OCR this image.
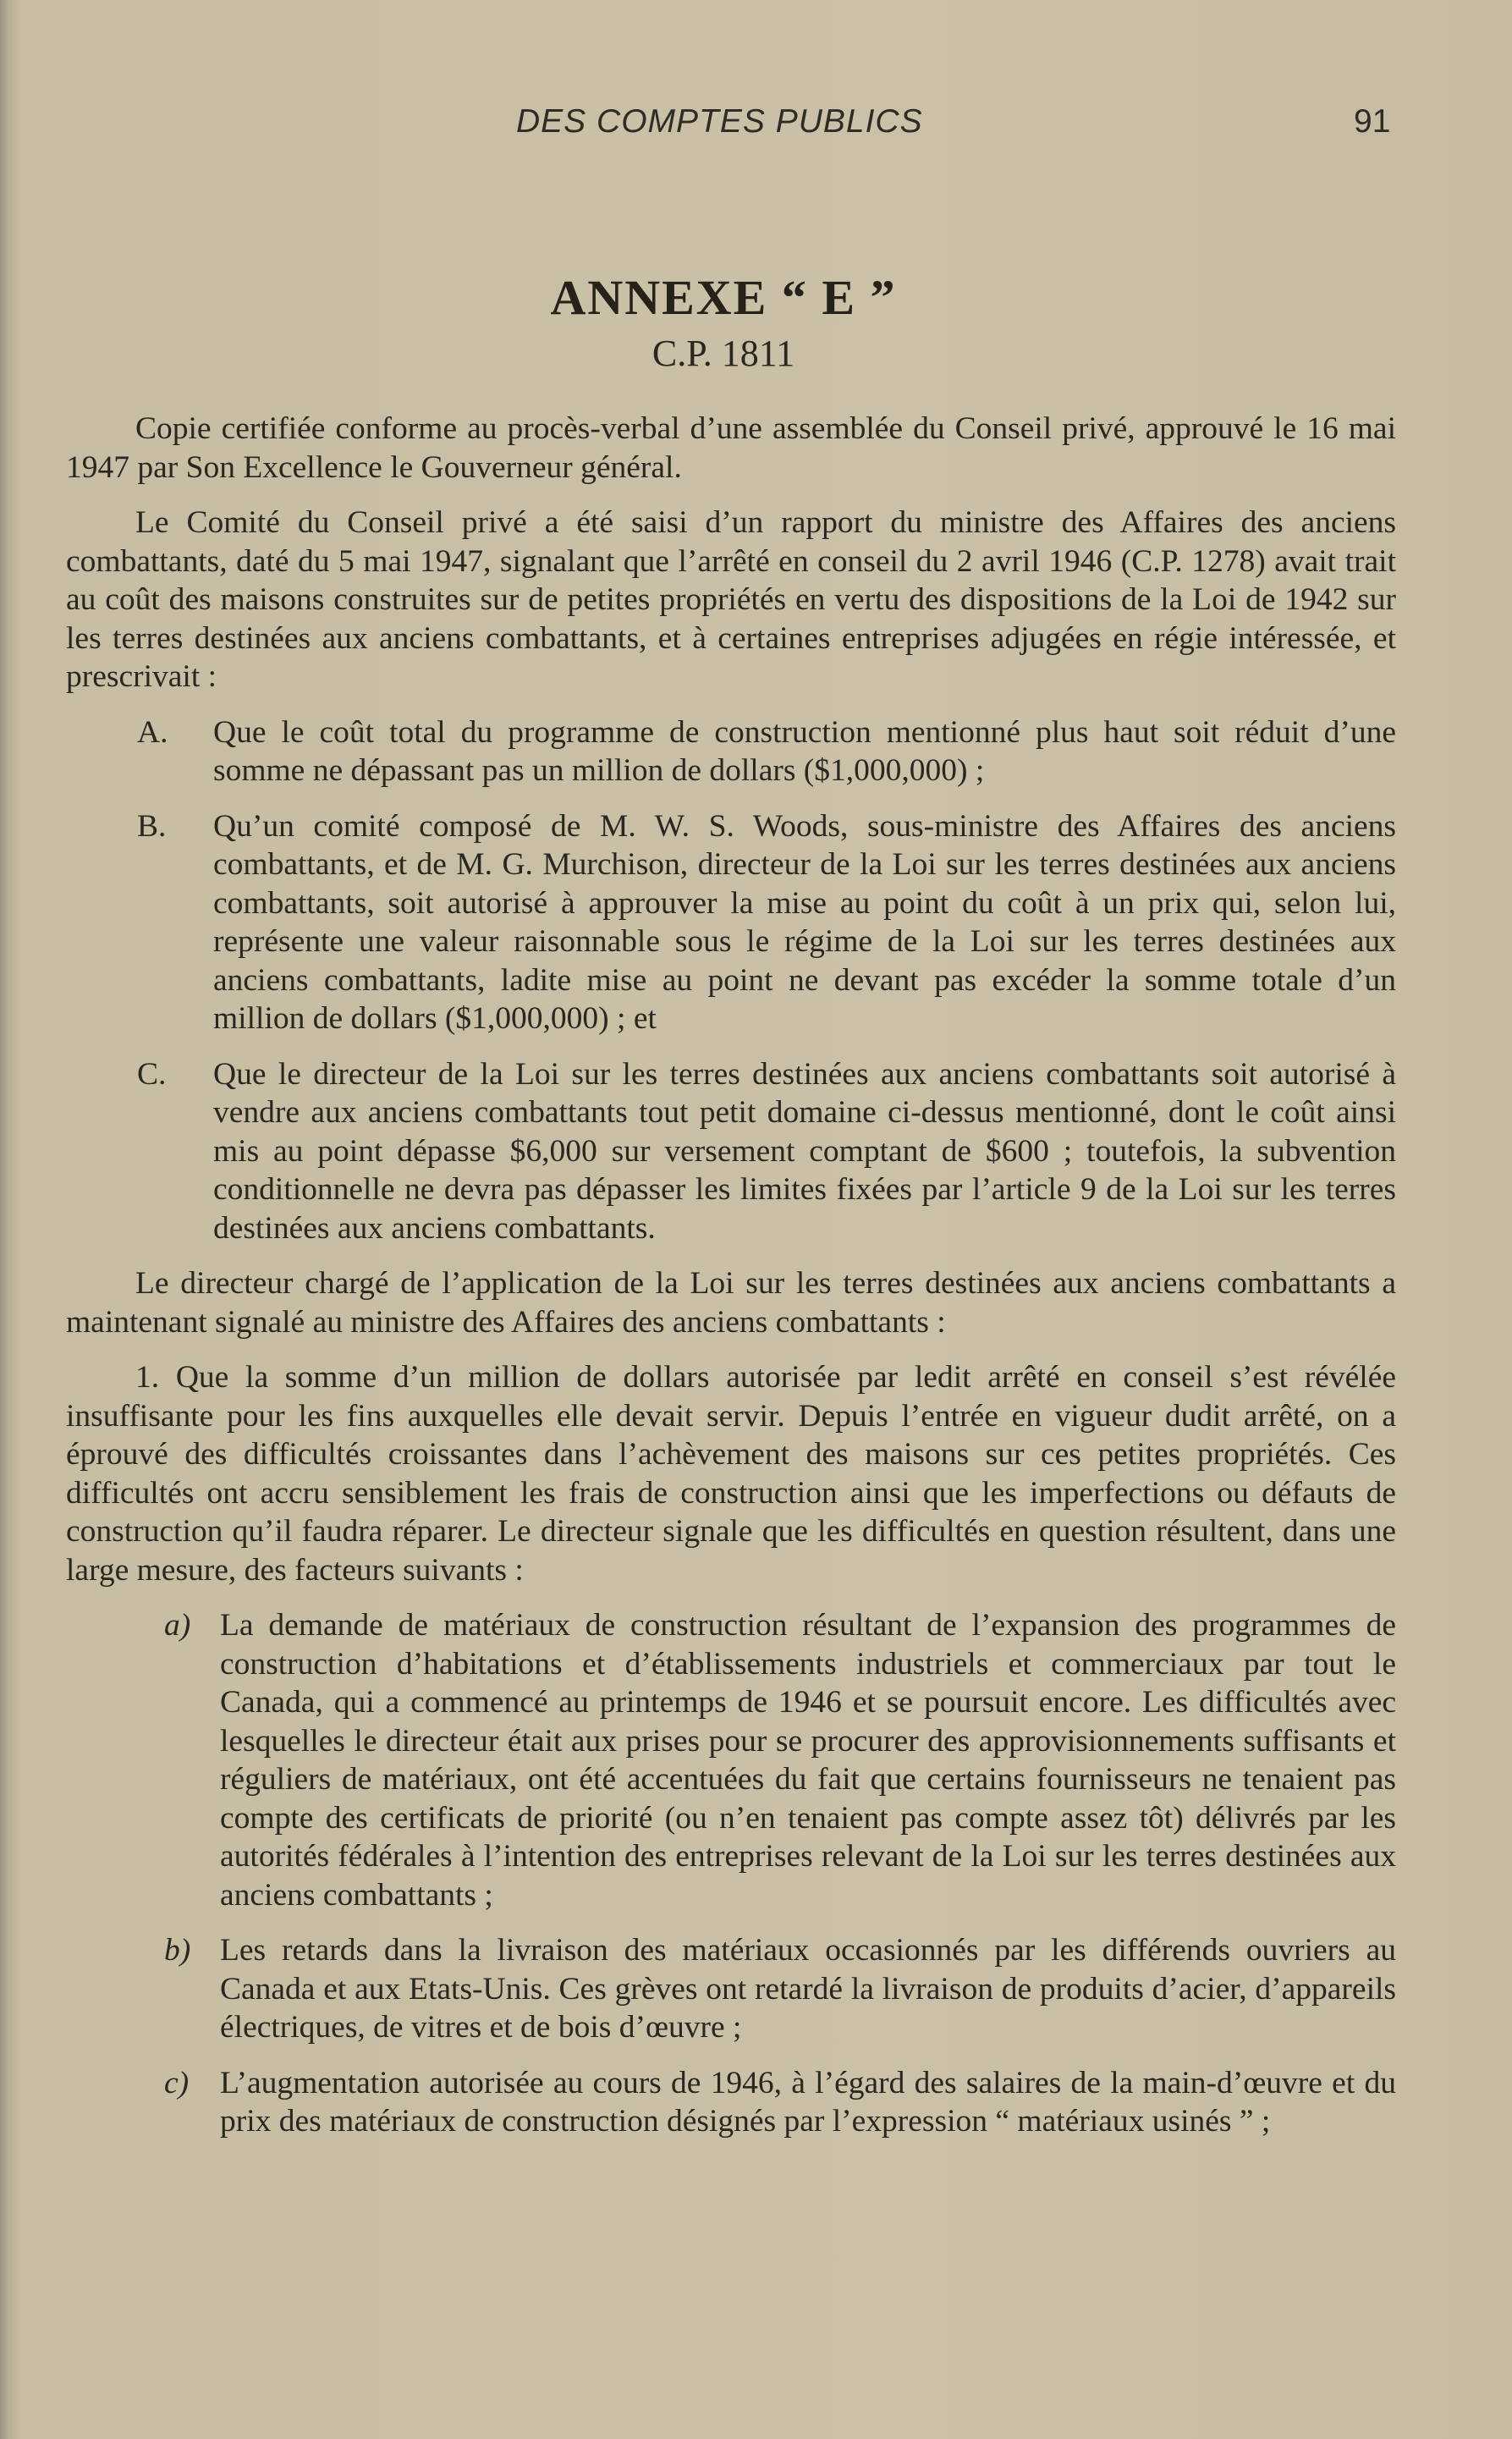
DES COMPTES PUBLICS	91
ANNEXE “ E ”
C.P. 1811

Copie certifiée conforme au procès-verbal d’une assemblée du Conseil privé, approuvé le 16 mai 1947 par Son Excellence le Gouverneur général.

Le Comité du Conseil privé a été saisi d’un rapport du ministre des Affaires des anciens combattants, daté du 5 mai 1947, signalant que l’arrêté en conseil du 2 avril 1946 (C.P. 1278) avait trait au coût des maisons construites sur de petites propriétés en vertu des dispositions de la Loi de 1942 sur les terres destinées aux anciens combattants, et à certaines entreprises adjugées en régie intéressée, et prescrivait :

A. Que le coût total du programme de construction mentionné plus haut soit réduit d’une somme ne dépassant pas un million de dollars ($1,000,000) ;
B. Qu’un comité composé de M. W. S. Woods, sous-ministre des Affaires des anciens combattants, et de M. G. Murchison, directeur de la Loi sur les terres destinées aux anciens combattants, soit autorisé à approuver la mise au point du coût à un prix qui, selon lui, représente une valeur raisonnable sous le régime de la Loi sur les terres destinées aux anciens combattants, ladite mise au point ne devant pas excéder la somme totale d’un million de dollars ($1,000,000) ; et
C. Que le directeur de la Loi sur les terres destinées aux anciens combattants soit autorisé à vendre aux anciens combattants tout petit domaine ci-dessus mentionné, dont le coût ainsi mis au point dépasse $6,000 sur versement comptant de $600 ; toutefois, la subvention conditionnelle ne devra pas dépasser les limites fixées par l’article 9 de la Loi sur les terres destinées aux anciens combattants.

Le directeur chargé de l’application de la Loi sur les terres destinées aux anciens combattants a maintenant signalé au ministre des Affaires des anciens combattants :

1. Que la somme d’un million de dollars autorisée par ledit arrêté en conseil s’est révélée insuffisante pour les fins auxquelles elle devait servir. Depuis l’entrée en vigueur dudit arrêté, on a éprouvé des difficultés croissantes dans l’achèvement des maisons sur ces petites propriétés. Ces difficultés ont accru sensiblement les frais de construction ainsi que les imperfections ou défauts de construction qu’il faudra réparer. Le directeur signale que les difficultés en question résultent, dans une large mesure, des facteurs suivants :

a) La demande de matériaux de construction résultant de l’expansion des programmes de construction d’habitations et d’établissements industriels et commerciaux par tout le Canada, qui a commencé au printemps de 1946 et se poursuit encore. Les difficultés avec lesquelles le directeur était aux prises pour se procurer des approvisionnements suffisants et réguliers de matériaux, ont été accentuées du fait que certains fournisseurs ne tenaient pas compte des certificats de priorité (ou n’en tenaient pas compte assez tôt) délivrés par les autorités fédérales à l’intention des entreprises relevant de la Loi sur les terres destinées aux anciens combattants ;
b) Les retards dans la livraison des matériaux occasionnés par les différends ouvriers au Canada et aux Etats-Unis. Ces grèves ont retardé la livraison de produits d’acier, d’appareils électriques, de vitres et de bois d’œuvre ;
c) L’augmentation autorisée au cours de 1946, à l’égard des salaires de la main-d’œuvre et du prix des matériaux de construction désignés par l’expression “ matériaux usinés ” ;
